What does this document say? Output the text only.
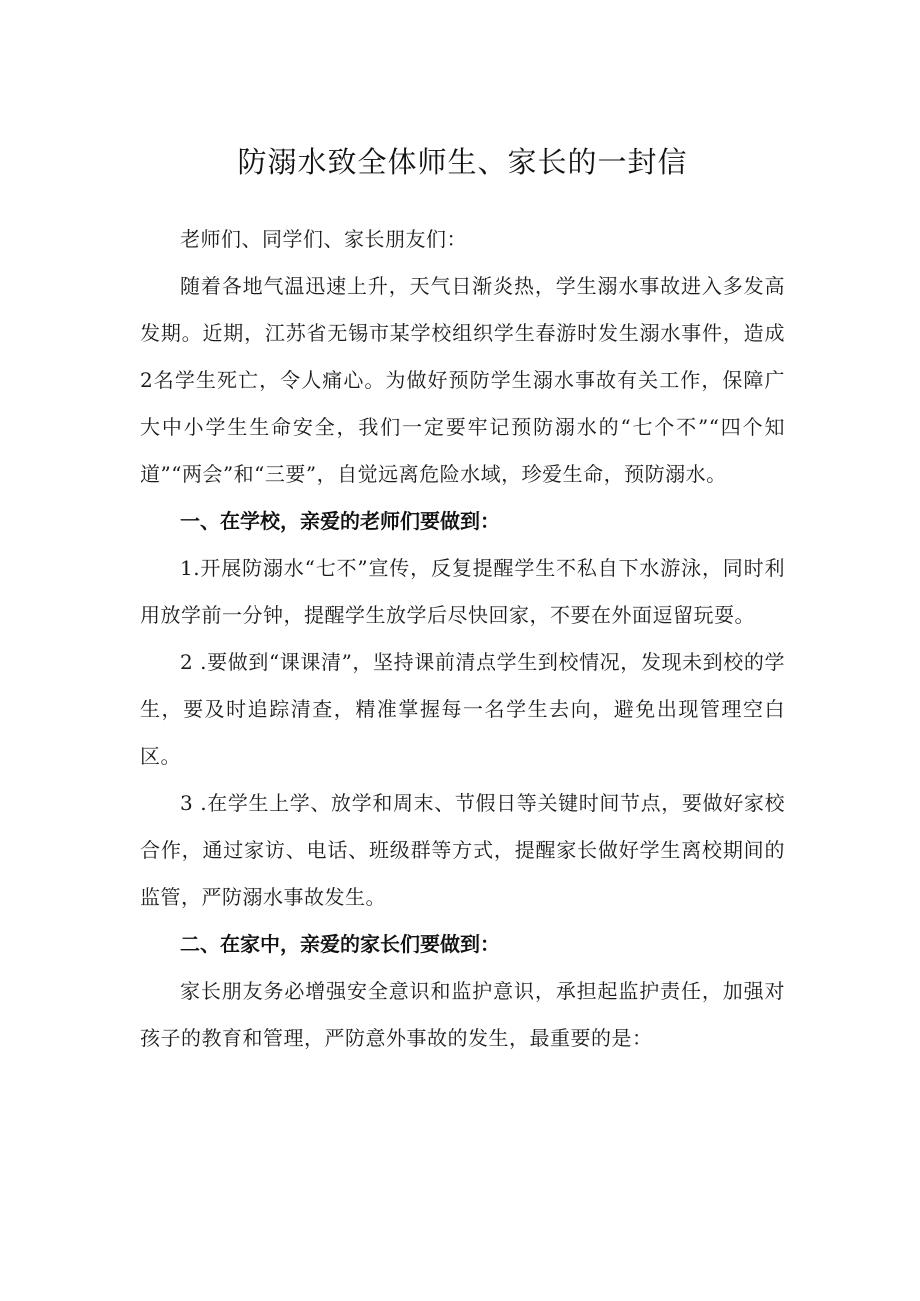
防溺水致全体师生、家长的一封信

老师们、同学们、家长朋友们：

随着各地气温迅速上升，天气日渐炎热，学生溺水事故进入多发高发期。近期，江苏省无锡市某学校组织学生春游时发生溺水事件，造成2名学生死亡，令人痛心。为做好预防学生溺水事故有关工作，保障广大中小学生生命安全，我们一定要牢记预防溺水的“七个不”“四个知道”“两会”和“三要”，自觉远离危险水域，珍爱生命，预防溺水。

一、在学校，亲爱的老师们要做到：

1.开展防溺水“七不”宣传，反复提醒学生不私自下水游泳，同时利用放学前一分钟，提醒学生放学后尽快回家，不要在外面逗留玩耍。

2 .要做到“课课清”，坚持课前清点学生到校情况，发现未到校的学生，要及时追踪清查，精准掌握每一名学生去向，避免出现管理空白区。

3 .在学生上学、放学和周末、节假日等关键时间节点，要做好家校合作，通过家访、电话、班级群等方式，提醒家长做好学生离校期间的监管，严防溺水事故发生。

二、在家中，亲爱的家长们要做到：

家长朋友务必增强安全意识和监护意识，承担起监护责任，加强对孩子的教育和管理，严防意外事故的发生，最重要的是：
